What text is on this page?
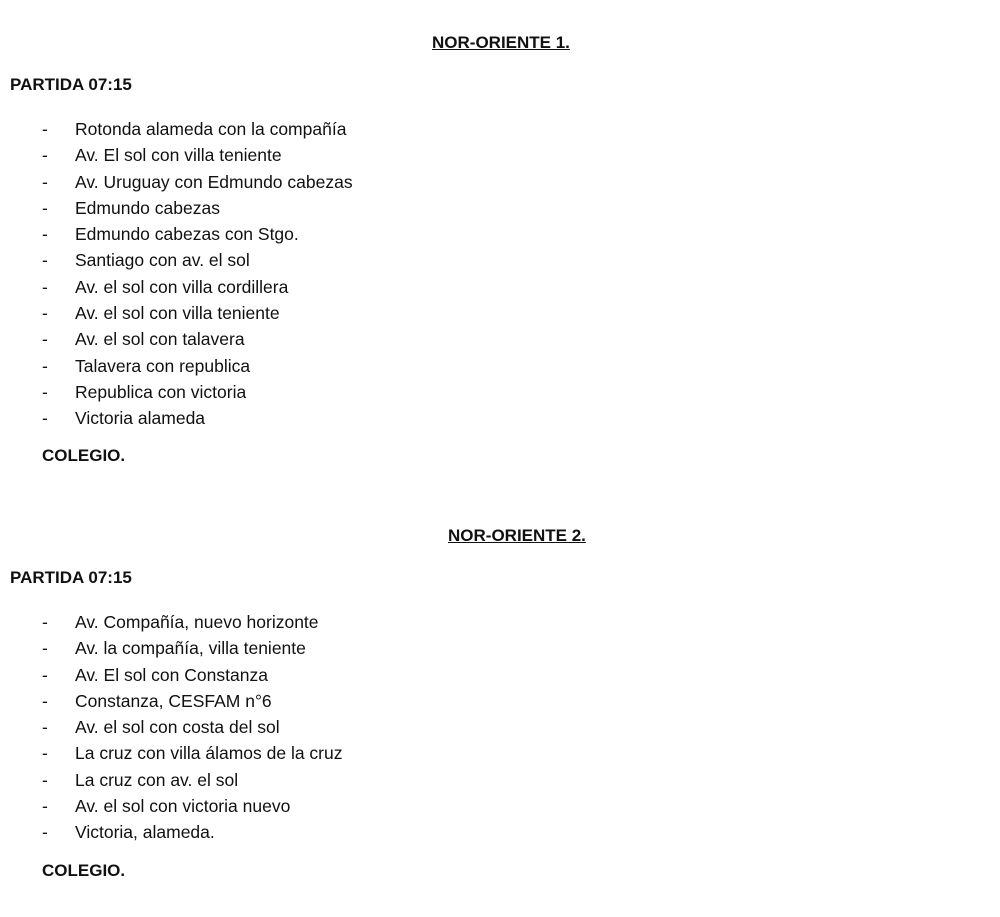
NOR-ORIENTE 1.

PARTIDA 07:15

- Rotonda alameda con la compañía
- Av. El sol con villa teniente
- Av. Uruguay con Edmundo cabezas
- Edmundo cabezas
- Edmundo cabezas con Stgo.
- Santiago con av. el sol
- Av. el sol con villa cordillera
- Av. el sol con villa teniente
- Av. el sol con talavera
- Talavera con republica
- Republica con victoria
- Victoria alameda

COLEGIO.

NOR-ORIENTE 2.

PARTIDA 07:15

- Av. Compañía, nuevo horizonte
- Av. la compañía, villa teniente
- Av. El sol con Constanza
- Constanza, CESFAM n°6
- Av. el sol con costa del sol
- La cruz con villa álamos de la cruz
- La cruz con av. el sol
- Av. el sol con victoria nuevo
- Victoria, alameda.

COLEGIO.
